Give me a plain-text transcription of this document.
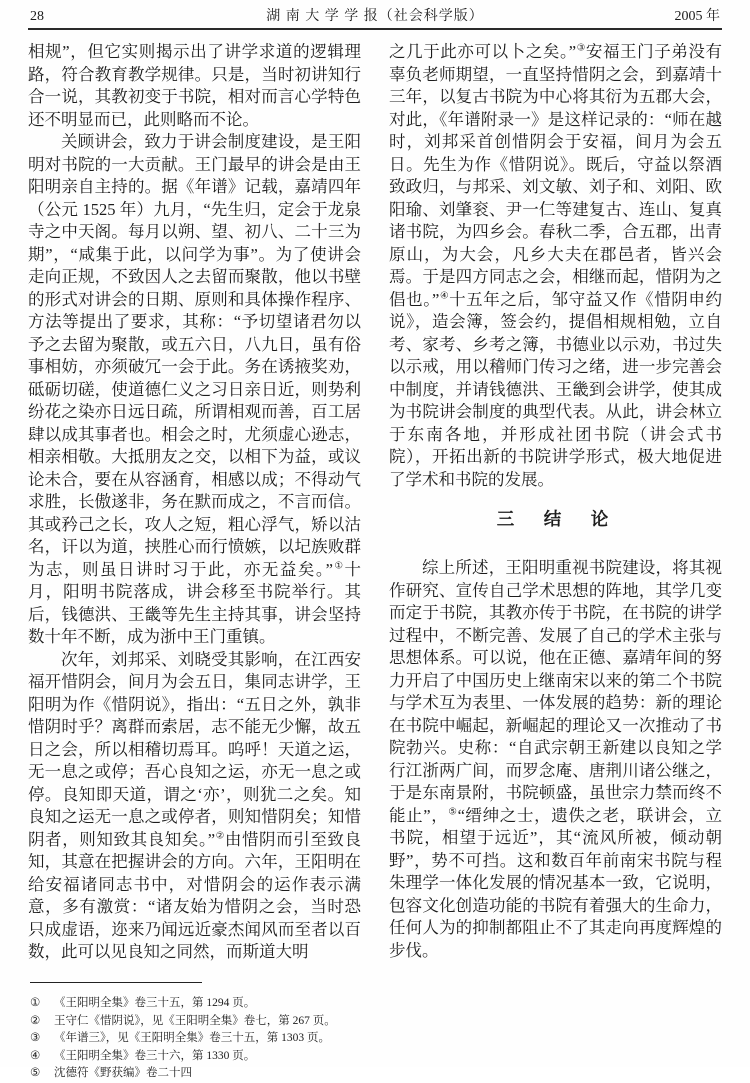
28	湖 南 大 学 学 报（社会科学版）	2005 年

相规”，但它实则揭示出了讲学求道的逻辑理路，符合教育教学规律。只是，当时初讲知行合一说，其教初变于书院，相对而言心学特色还不明显而已，此则略而不论。

关顾讲会，致力于讲会制度建设，是王阳明对书院的一大贡献。王门最早的讲会是由王阳明亲自主持的。据《年谱》记载，嘉靖四年（公元 1525 年）九月，“先生归，定会于龙泉寺之中天阁。每月以朔、望、初八、二十三为期”，“咸集于此，以问学为事”。为了使讲会走向正规，不致因人之去留而聚散，他以书壁的形式对讲会的日期、原则和具体操作程序、方法等提出了要求，其称：“予切望诸君勿以予之去留为聚散，或五六日，八九日，虽有俗事相妨，亦须破冗一会于此。务在诱掖奖劝，砥砺切磋，使道德仁义之习日亲日近，则势利纷花之染亦日远日疏，所谓相观而善，百工居肆以成其事者也。相会之时，尤须虚心逊志，相亲相敬。大抵朋友之交，以相下为益，或议论未合，要在从容涵育，相感以成；不得动气求胜，长傲遂非，务在默而成之，不言而信。其或矜己之长，攻人之短，粗心浮气，矫以沽名，讦以为道，挟胜心而行愤嫉，以圮族败群为志，则虽日讲时习于此，亦无益矣。”①十月，阳明书院落成，讲会移至书院举行。其后，钱德洪、王畿等先生主持其事，讲会坚持数十年不断，成为浙中王门重镇。

次年，刘邦采、刘晓受其影响，在江西安福开惜阴会，间月为会五日，集同志讲学，王阳明为作《惜阴说》，指出：“五日之外，孰非惜阴时乎？离群而索居，志不能无少懈，故五日之会，所以相稽切焉耳。呜呼！天道之运，无一息之或停；吾心良知之运，亦无一息之或停。良知即天道，谓之‘亦’，则犹二之矣。知良知之运无一息之或停者，则知惜阴矣；知惜阴者，则知致其良知矣。”②由惜阴而引至致良知，其意在把握讲会的方向。六年，王阳明在给安福诸同志书中，对惜阴会的运作表示满意，多有激赏：“诸友始为惜阴之会，当时恐只成虚语，迩来乃闻远近豪杰闻风而至者以百数，此可以见良知之同然，而斯道大明

之几于此亦可以卜之矣。”③安福王门子弟没有辜负老师期望，一直坚持惜阴之会，到嘉靖十三年，以复古书院为中心将其衍为五郡大会，对此，《年谱附录一》是这样记录的：“师在越时，刘邦采首创惜阴会于安福，间月为会五日。先生为作《惜阴说》。既后，守益以祭酒致政归，与邦采、刘文敏、刘子和、刘阳、欧阳瑜、刘肇衮、尹一仁等建复古、连山、复真诸书院，为四乡会。春秋二季，合五郡，出青原山，为大会，凡乡大夫在郡邑者，皆兴会焉。于是四方同志之会，相继而起，惜阴为之倡也。”④十五年之后，邹守益又作《惜阴申约说》，造会簿，签会约，提倡相规相勉，立自考、家考、乡考之簿，书德业以示劝，书过失以示戒，用以稽师门传习之绪，进一步完善会中制度，并请钱德洪、王畿到会讲学，使其成为书院讲会制度的典型代表。从此，讲会林立于东南各地，并形成社团书院（讲会式书院），开拓出新的书院讲学形式，极大地促进了学术和书院的发展。

三　结　论

综上所述，王阳明重视书院建设，将其视作研究、宣传自己学术思想的阵地，其学几变而定于书院，其教亦传于书院，在书院的讲学过程中，不断完善、发展了自己的学术主张与思想体系。可以说，他在正德、嘉靖年间的努力开启了中国历史上继南宋以来的第二个书院与学术互为表里、一体发展的趋势：新的理论在书院中崛起，新崛起的理论又一次推动了书院勃兴。史称：“自武宗朝王新建以良知之学行江浙两广间，而罗念庵、唐荆川诸公继之，于是东南景附，书院顿盛，虽世宗力禁而终不能止”，⑤“缙绅之士，遗佚之老，联讲会，立书院，相望于远近”，其“流风所被，倾动朝野”，势不可挡。这和数百年前南宋书院与程朱理学一体化发展的情况基本一致，它说明，包容文化创造功能的书院有着强大的生命力，任何人为的抑制都阻止不了其走向再度辉煌的步伐。

①	《王阳明全集》卷三十五，第 1294 页。
②	王守仁《惜阴说》，见《王阳明全集》卷七，第 267 页。
③	《年谱三》，见《王阳明全集》卷三十五，第 1303 页。
④	《王阳明全集》卷三十六，第 1330 页。
⑤	沈德符《野获编》卷二十四
